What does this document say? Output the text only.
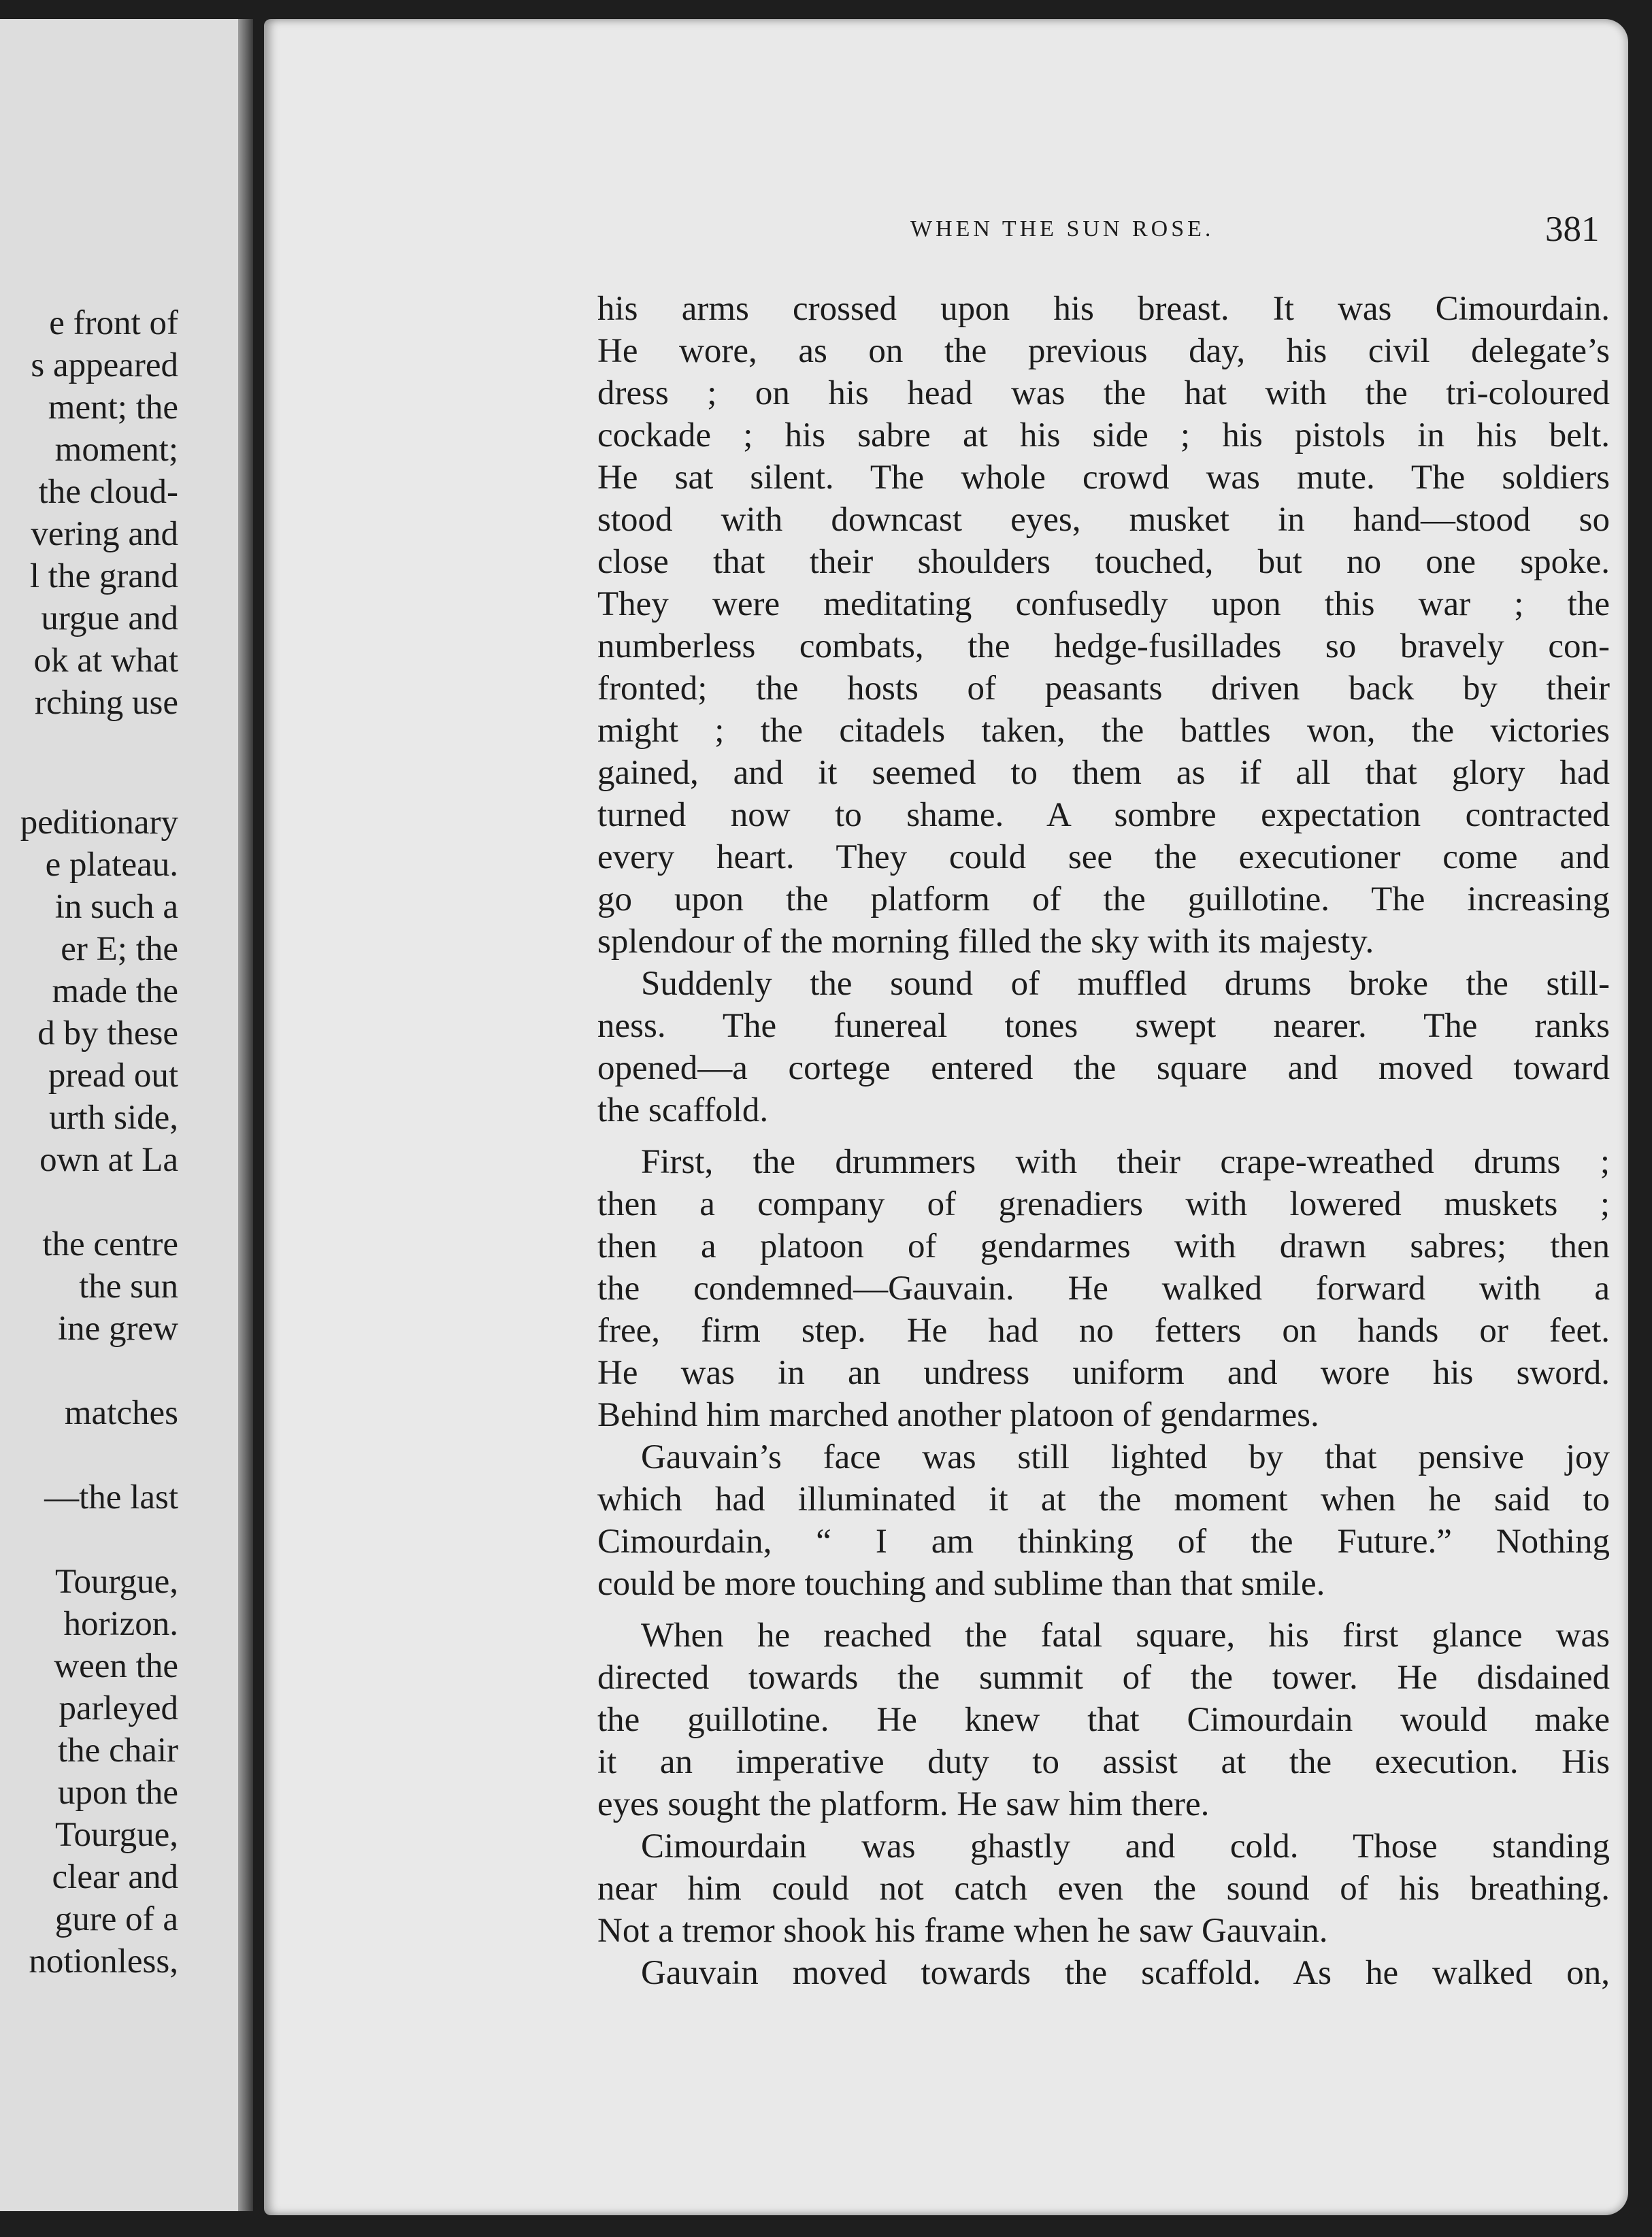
e front of
s appeared
ment; the
moment;
the cloud-
vering and
l the grand
urgue and
ok at what
rching use
peditionary
e plateau.
in such a
er E; the
made the
d by these
pread out
urth side,
own at La
the centre
the sun
ine grew
matches
—the last
Tourgue,
horizon.
ween the
parleyed
the chair
upon the
Tourgue,
clear and
gure of a
notionless,
WHEN THE SUN ROSE.	381
his arms crossed upon his breast. It was Cimourdain.
He wore, as on the previous day, his civil delegate’s
dress ; on his head was the hat with the tri-coloured
cockade ; his sabre at his side ; his pistols in his belt.
He sat silent. The whole crowd was mute. The soldiers
stood with downcast eyes, musket in hand—stood so
close that their shoulders touched, but no one spoke.
They were meditating confusedly upon this war ; the
numberless combats, the hedge-fusillades so bravely con-
fronted; the hosts of peasants driven back by their
might ; the citadels taken, the battles won, the victories
gained, and it seemed to them as if all that glory had
turned now to shame. A sombre expectation contracted
every heart. They could see the executioner come and
go upon the platform of the guillotine. The increasing
splendour of the morning filled the sky with its majesty.
Suddenly the sound of muffled drums broke the still-
ness. The funereal tones swept nearer. The ranks
opened—a cortege entered the square and moved toward
the scaffold.
First, the drummers with their crape-wreathed drums ;
then a company of grenadiers with lowered muskets ;
then a platoon of gendarmes with drawn sabres; then
the condemned—Gauvain. He walked forward with a
free, firm step. He had no fetters on hands or feet.
He was in an undress uniform and wore his sword.
Behind him marched another platoon of gendarmes.
Gauvain’s face was still lighted by that pensive joy
which had illuminated it at the moment when he said to
Cimourdain, “ I am thinking of the Future.” Nothing
could be more touching and sublime than that smile.
When he reached the fatal square, his first glance was
directed towards the summit of the tower. He disdained
the guillotine. He knew that Cimourdain would make
it an imperative duty to assist at the execution. His
eyes sought the platform. He saw him there.
Cimourdain was ghastly and cold. Those standing
near him could not catch even the sound of his breathing.
Not a tremor shook his frame when he saw Gauvain.
Gauvain moved towards the scaffold. As he walked on,
